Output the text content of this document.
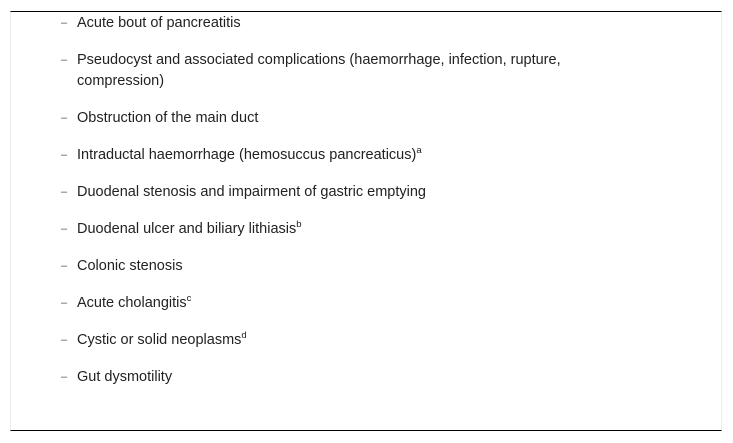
– Acute bout of pancreatitis
– Pseudocyst and associated complications (haemorrhage, infection, rupture, compression)
– Obstruction of the main duct
– Intraductal haemorrhage (hemosuccus pancreaticus)$^a$
– Duodenal stenosis and impairment of gastric emptying
– Duodenal ulcer and biliary lithiasis$^b$
– Colonic stenosis
– Acute cholangitis$^c$
– Cystic or solid neoplasms$^d$
– Gut dysmotility
